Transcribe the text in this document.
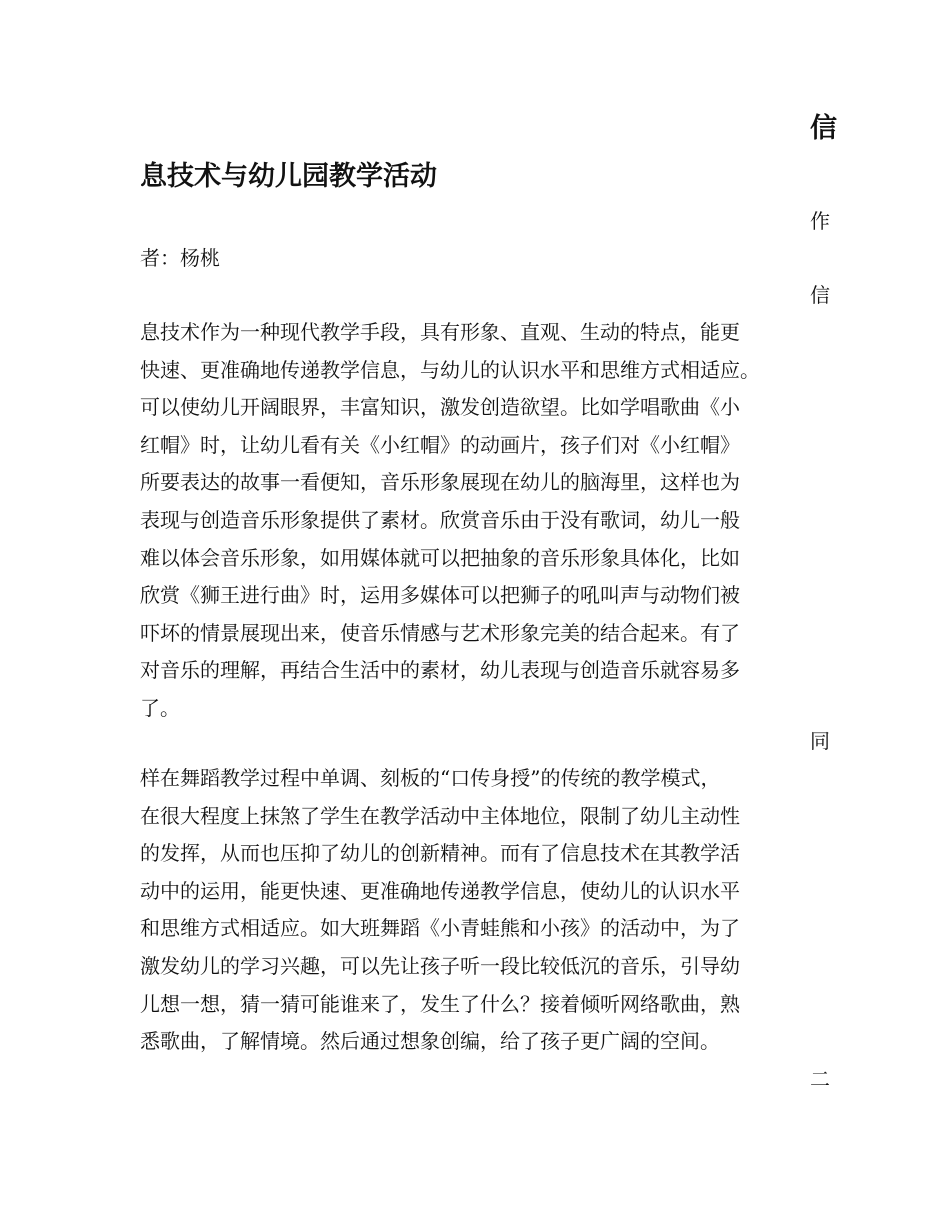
信
息技术与幼儿园教学活动
作
者：杨桃
信
息技术作为一种现代教学手段，具有形象、直观、生动的特点，能更
快速、更准确地传递教学信息，与幼儿的认识水平和思维方式相适应。
可以使幼儿开阔眼界，丰富知识，激发创造欲望。比如学唱歌曲《小
红帽》时，让幼儿看有关《小红帽》的动画片，孩子们对《小红帽》
所要表达的故事一看便知，音乐形象展现在幼儿的脑海里，这样也为
表现与创造音乐形象提供了素材。欣赏音乐由于没有歌词，幼儿一般
难以体会音乐形象，如用媒体就可以把抽象的音乐形象具体化，比如
欣赏《狮王进行曲》时，运用多媒体可以把狮子的吼叫声与动物们被
吓坏的情景展现出来，使音乐情感与艺术形象完美的结合起来。有了
对音乐的理解，再结合生活中的素材，幼儿表现与创造音乐就容易多
了。
同
样在舞蹈教学过程中单调、刻板的“口传身授”的传统的教学模式，
在很大程度上抹煞了学生在教学活动中主体地位，限制了幼儿主动性
的发挥，从而也压抑了幼儿的创新精神。而有了信息技术在其教学活
动中的运用，能更快速、更准确地传递教学信息，使幼儿的认识水平
和思维方式相适应。如大班舞蹈《小青蛙熊和小孩》的活动中，为了
激发幼儿的学习兴趣，可以先让孩子听一段比较低沉的音乐，引导幼
儿想一想，猜一猜可能谁来了，发生了什么？接着倾听网络歌曲，熟
悉歌曲，了解情境。然后通过想象创编，给了孩子更广阔的空间。
二
